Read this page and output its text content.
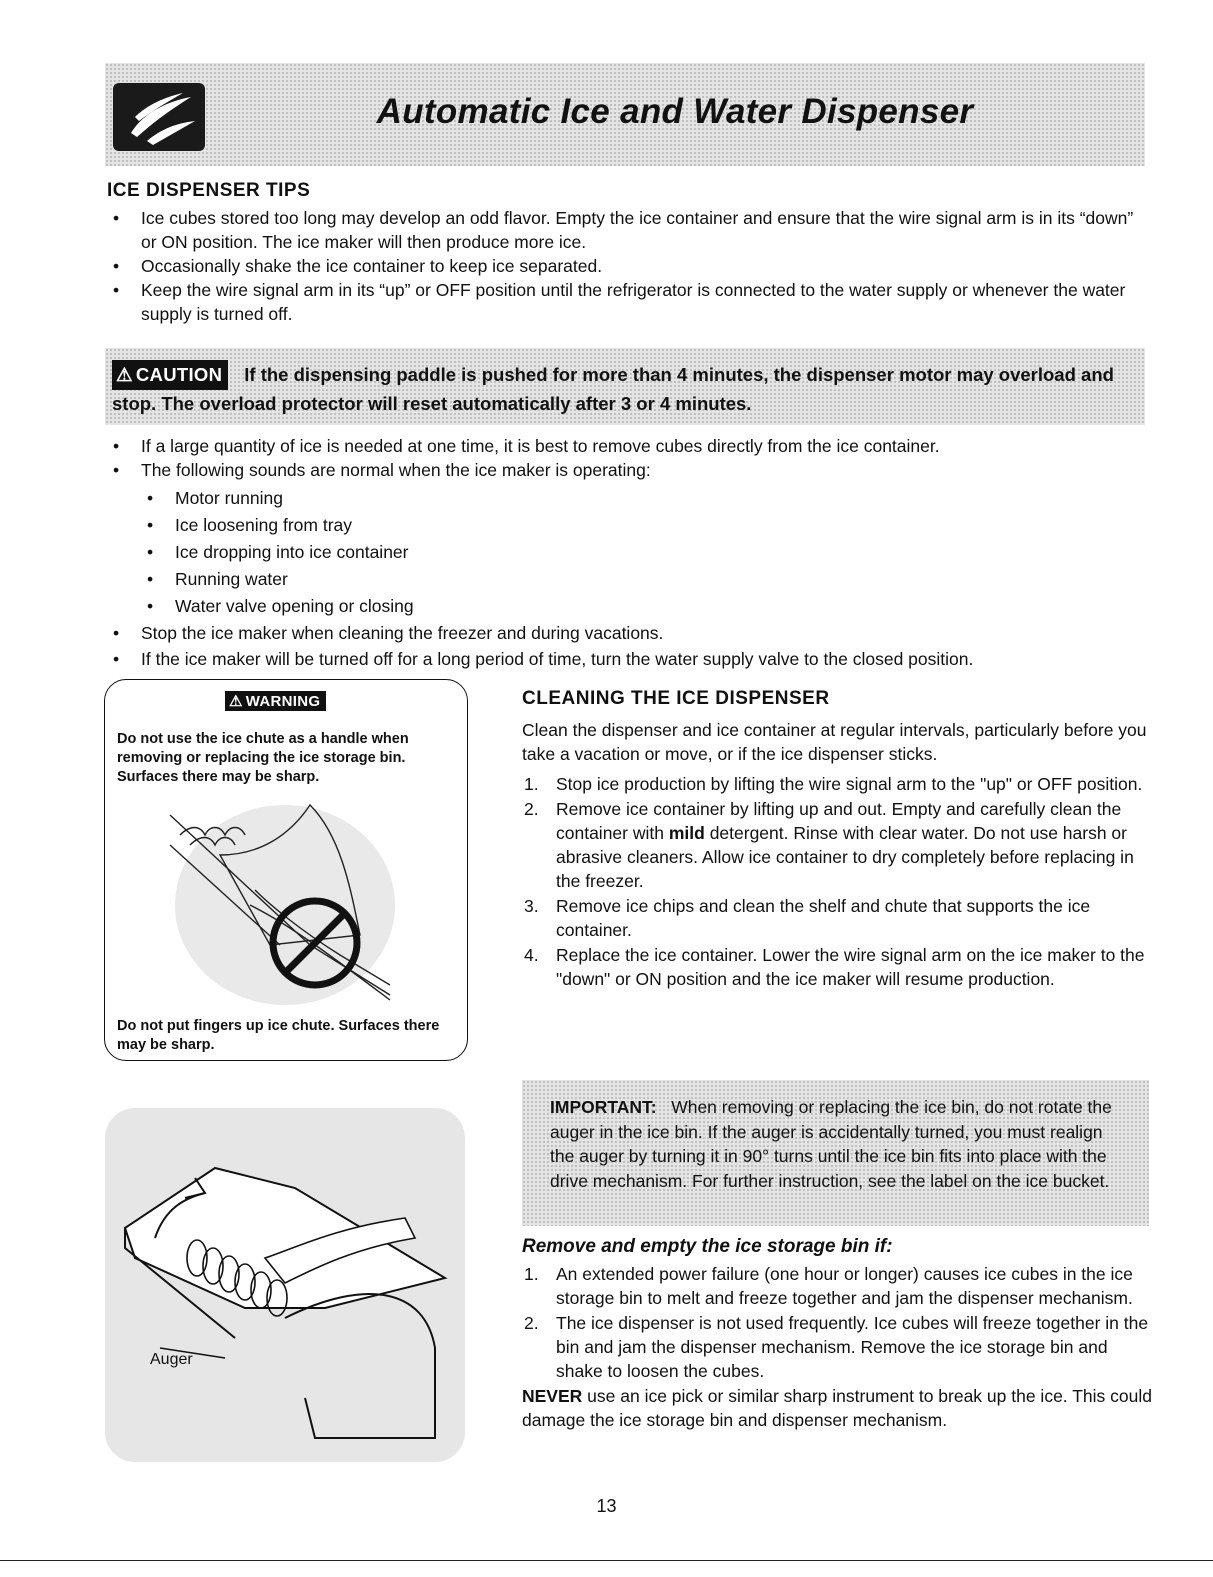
Automatic Ice and Water Dispenser
ICE DISPENSER TIPS
• Ice cubes stored too long may develop an odd flavor. Empty the ice container and ensure that the wire signal arm is in its “down” or ON position. The ice maker will then produce more ice.
• Occasionally shake the ice container to keep ice separated.
• Keep the wire signal arm in its “up” or OFF position until the refrigerator is connected to the water supply or whenever the water supply is turned off.
⚠ CAUTION If the dispensing paddle is pushed for more than 4 minutes, the dispenser motor may overload and stop. The overload protector will reset automatically after 3 or 4 minutes.
• If a large quantity of ice is needed at one time, it is best to remove cubes directly from the ice container.
• The following sounds are normal when the ice maker is operating:
• Motor running
• Ice loosening from tray
• Ice dropping into ice container
• Running water
• Water valve opening or closing
• Stop the ice maker when cleaning the freezer and during vacations.
• If the ice maker will be turned off for a long period of time, turn the water supply valve to the closed position.
⚠ WARNING
Do not use the ice chute as a handle when removing or replacing the ice storage bin. Surfaces there may be sharp.
Do not put fingers up ice chute. Surfaces there may be sharp.
Auger
CLEANING THE ICE DISPENSER
Clean the dispenser and ice container at regular intervals, particularly before you take a vacation or move, or if the ice dispenser sticks.
1. Stop ice production by lifting the wire signal arm to the "up" or OFF position.
2. Remove ice container by lifting up and out. Empty and carefully clean the container with mild detergent. Rinse with clear water. Do not use harsh or abrasive cleaners. Allow ice container to dry completely before replacing in the freezer.
3. Remove ice chips and clean the shelf and chute that supports the ice container.
4. Replace the ice container. Lower the wire signal arm on the ice maker to the "down" or ON position and the ice maker will resume production.
IMPORTANT: When removing or replacing the ice bin, do not rotate the auger in the ice bin. If the auger is accidentally turned, you must realign the auger by turning it in 90° turns until the ice bin fits into place with the drive mechanism. For further instruction, see the label on the ice bucket.
Remove and empty the ice storage bin if:
1. An extended power failure (one hour or longer) causes ice cubes in the ice storage bin to melt and freeze together and jam the dispenser mechanism.
2. The ice dispenser is not used frequently. Ice cubes will freeze together in the bin and jam the dispenser mechanism. Remove the ice storage bin and shake to loosen the cubes.
NEVER use an ice pick or similar sharp instrument to break up the ice. This could damage the ice storage bin and dispenser mechanism.
13
